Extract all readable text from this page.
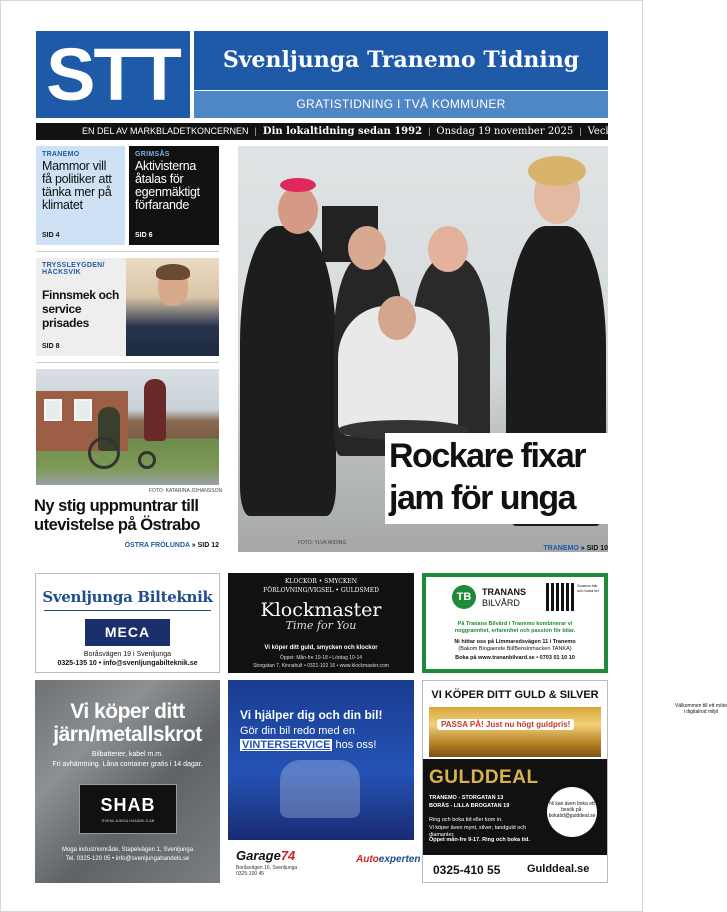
STT	Svenljunga Tranemo Tidning
GRATISTIDNING I TVÅ KOMMUNER
EN DEL AV MARKBLADETKONCERNEN | Din lokaltidning sedan 1992 | Onsdag 19 november 2025 | Vecka 47
TRANEMO
Mammor vill få politiker att tänka mer på klimatet
SID 4
GRIMSÅS
Aktivisterna åtalas för egenmäktigt förfarande
SID 6
TRYSSLEYGDEN/ HÄCKSVIK
Finnsmek och service prisades
SID 8
FOTO: KATARINA JOHANSSON
Ny stig uppmuntrar till utevistelse på Östrabo
ÖSTRA FRÖLUNDA » SID 12	FOTO: YLVA WIDING
Rockare fixar
jam för unga
TRANEMO » SID 10
Svenljunga Bilteknik
MECA
Boråsvägen 19 i Svenljunga
0325-135 10 • info@svenljungabilteknik.se
KLOCKOR • SMYCKEN
FÖRLOVNING/VIGSEL • GULDSMED
Klockmaster
Time for You
Vi köper ditt guld, smycken och klockor
Öppet: Mån-fre 10-18 • Lördag 10-14
Storgatan 7, Kinnahult • 0321-102 16 • www.klockmaster.com
TB	TRANANS
BILVÅRD
Scanna här och boka tid
På Tranans Bilvård i Tranemo kombinerar vi
noggrannhet, erfarenhet och passion för bilar.
Ni hittar oss på Limmaredsvägen 11 i Tranemo
(Bakom Biogaende Bil/Bensinmacken TANKA)
Boka på www.trananbilvard.se • 0703 01 10 10
Vi köper ditt
järn/metallskrot
Bilbatterier, kabel m.m.
Fri avhämtning. Låna container gratis i 14 dagar.
SHAB
SVENLJUNGA HANDELS AB
Moga industriområde, Stapelvägen 1, Svenljunga
Tel. 0325-120 05 • info@svenljungahandels.se
Vi hjälper dig och din bil!
Gör din bil redo med en
VINTERSERVICE hos oss!
Garage74
Boråsvägen 16, Svenljunga
0325-100 45
Autoexperten
VI KÖPER DITT GULD & SILVER
PASSA PÅ! Just nu högt guldpris!
GULDDEAL
TRANEMO - STORGATAN 13
BORÅS - LILLA BROGATAN 19
Ring och boka tid eller kom in.
Vi köper även mynt, silver, tandguld och diamanter.
Öppet mån-fre 9-17. Ring och boka tid.
Ni kan även boka ett besök på: bokatid@gulddeal.se
Välkommen till ett möte i digitalrod miljö
0325-410 55 Gulddeal.se
